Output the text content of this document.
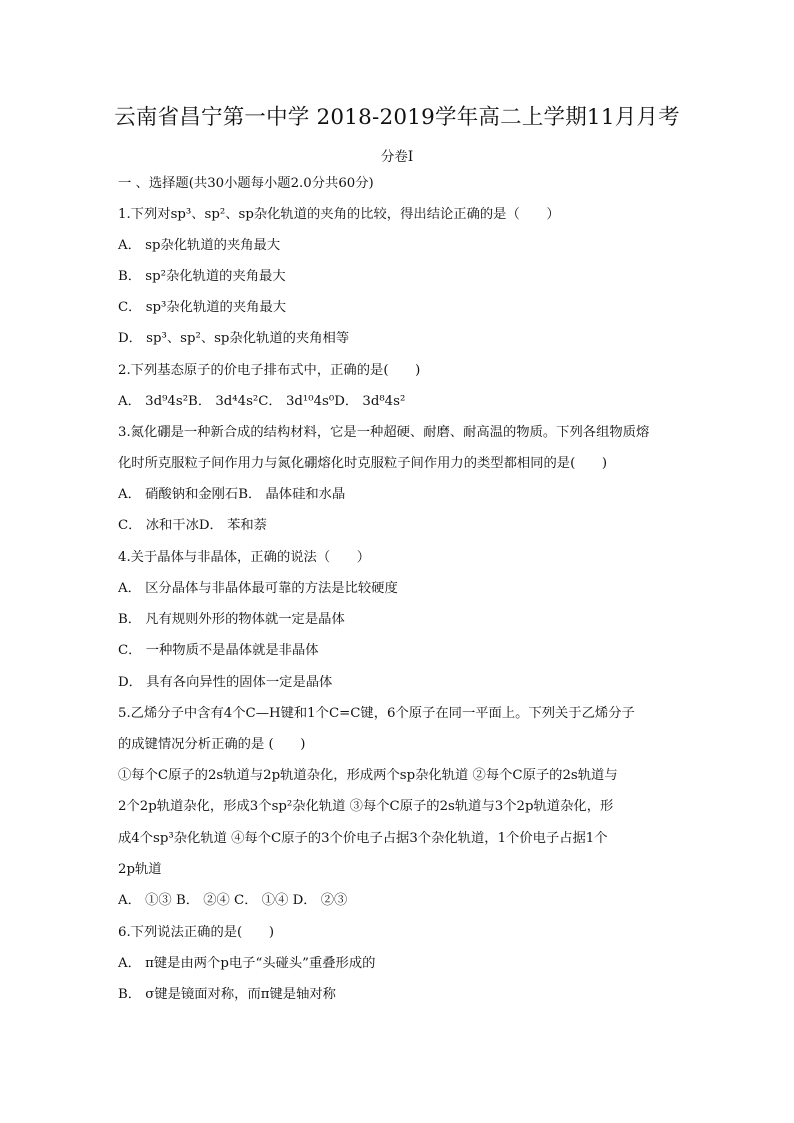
云南省昌宁第一中学 2018-2019学年高二上学期11月月考
分卷I
一 、选择题(共30小题每小题2.0分共60分)
1.下列对sp³、sp²、sp杂化轨道的夹角的比较，得出结论正确的是（　　）
A． sp杂化轨道的夹角最大
B． sp²杂化轨道的夹角最大
C． sp³杂化轨道的夹角最大
D． sp³、sp²、sp杂化轨道的夹角相等
2.下列基态原子的价电子排布式中，正确的是(　　)
A． 3d⁹4s²B． 3d⁴4s²C． 3d¹⁰4s⁰D． 3d⁸4s²
3.氮化硼是一种新合成的结构材料，它是一种超硬、耐磨、耐高温的物质。下列各组物质熔
化时所克服粒子间作用力与氮化硼熔化时克服粒子间作用力的类型都相同的是(　　)
A． 硝酸钠和金刚石B． 晶体硅和水晶
C． 冰和干冰D． 苯和萘
4.关于晶体与非晶体，正确的说法（　　）
A． 区分晶体与非晶体最可靠的方法是比较硬度
B． 凡有规则外形的物体就一定是晶体
C． 一种物质不是晶体就是非晶体
D． 具有各向异性的固体一定是晶体
5.乙烯分子中含有4个C—H键和1个C=C键，6个原子在同一平面上。下列关于乙烯分子
的成键情况分析正确的是 (　　)
①每个C原子的2s轨道与2p轨道杂化，形成两个sp杂化轨道 ②每个C原子的2s轨道与
2个2p轨道杂化，形成3个sp²杂化轨道 ③每个C原子的2s轨道与3个2p轨道杂化，形
成4个sp³杂化轨道 ④每个C原子的3个价电子占据3个杂化轨道，1个价电子占据1个
2p轨道
A． ①③ B． ②④ C． ①④ D． ②③
6.下列说法正确的是(　　)
A． π键是由两个p电子“头碰头”重叠形成的
B． σ键是镜面对称，而π键是轴对称
